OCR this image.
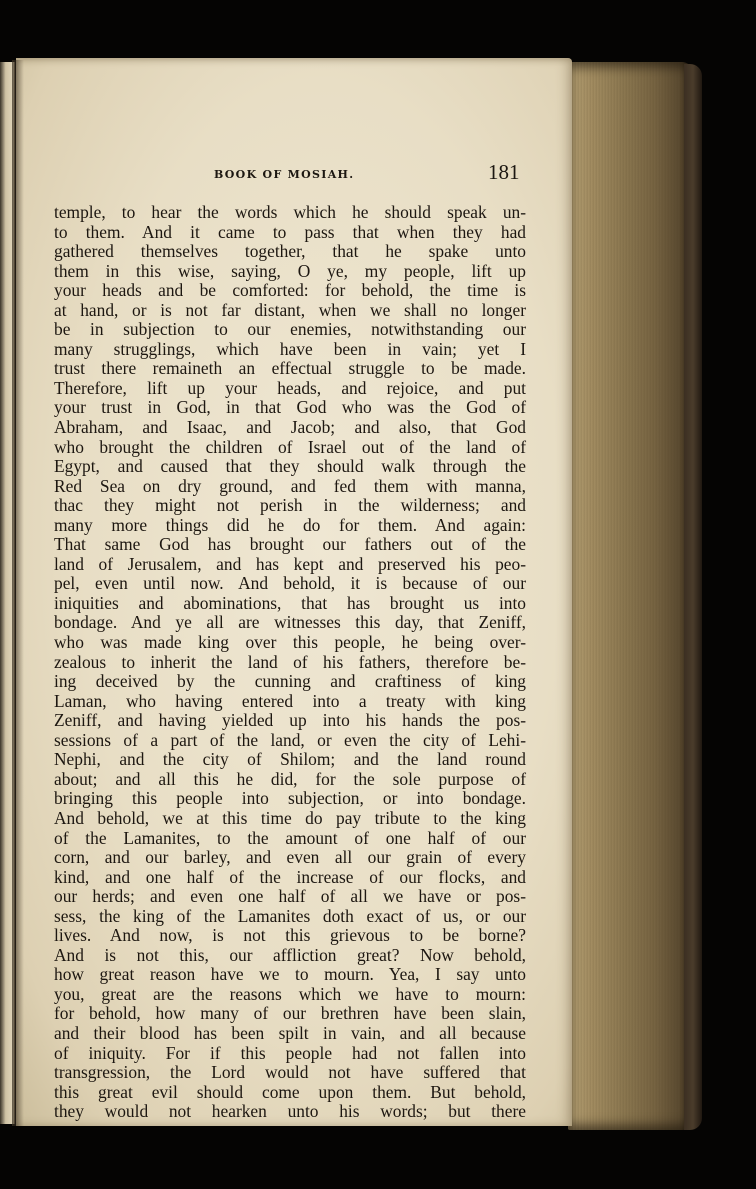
BOOK OF MOSIAH.	181
temple, to hear the words which he should speak un-
to them. And it came to pass that when they had
gathered themselves together, that he spake unto
them in this wise, saying, O ye, my people, lift up
your heads and be comforted: for behold, the time is
at hand, or is not far distant, when we shall no longer
be in subjection to our enemies, notwithstanding our
many strugglings, which have been in vain; yet I
trust there remaineth an effectual struggle to be made.
Therefore, lift up your heads, and rejoice, and put
your trust in God, in that God who was the God of
Abraham, and Isaac, and Jacob; and also, that God
who brought the children of Israel out of the land of
Egypt, and caused that they should walk through the
Red Sea on dry ground, and fed them with manna,
thac they might not perish in the wilderness; and
many more things did he do for them. And again:
That same God has brought our fathers out of the
land of Jerusalem, and has kept and preserved his peo-
pel, even until now. And behold, it is because of our
iniquities and abominations, that has brought us into
bondage. And ye all are witnesses this day, that Zeniff,
who was made king over this people, he being over-
zealous to inherit the land of his fathers, therefore be-
ing deceived by the cunning and craftiness of king
Laman, who having entered into a treaty with king
Zeniff, and having yielded up into his hands the pos-
sessions of a part of the land, or even the city of Lehi-
Nephi, and the city of Shilom; and the land round
about; and all this he did, for the sole purpose of
bringing this people into subjection, or into bondage.
And behold, we at this time do pay tribute to the king
of the Lamanites, to the amount of one half of our
corn, and our barley, and even all our grain of every
kind, and one half of the increase of our flocks, and
our herds; and even one half of all we have or pos-
sess, the king of the Lamanites doth exact of us, or our
lives. And now, is not this grievous to be borne?
And is not this, our affliction great? Now behold,
how great reason have we to mourn. Yea, I say unto
you, great are the reasons which we have to mourn:
for behold, how many of our brethren have been slain,
and their blood has been spilt in vain, and all because
of iniquity. For if this people had not fallen into
transgression, the Lord would not have suffered that
this great evil should come upon them. But behold,
they would not hearken unto his words; but there
